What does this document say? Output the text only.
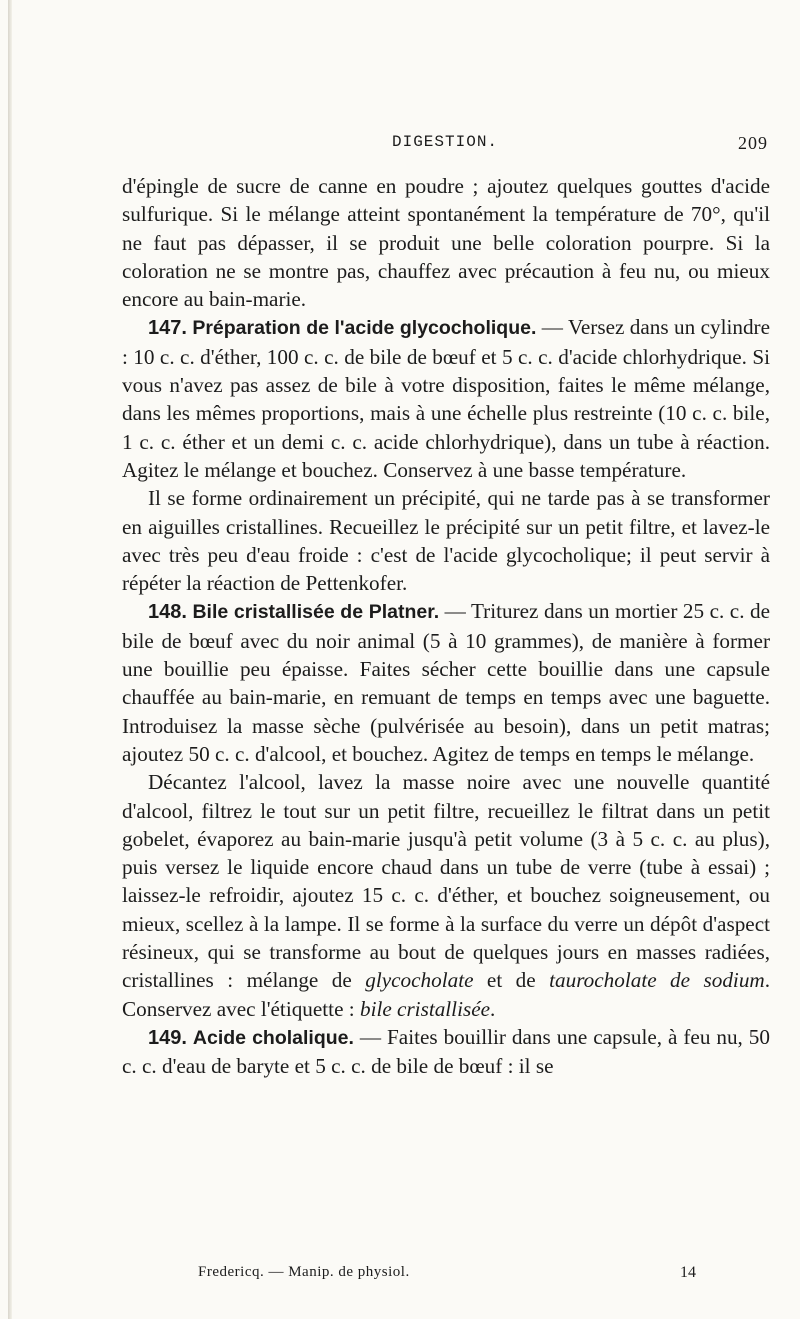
DIGESTION.	209

d'épingle de sucre de canne en poudre ; ajoutez quelques gouttes d'acide sulfurique. Si le mélange atteint spontanément la température de 70°, qu'il ne faut pas dépasser, il se produit une belle coloration pourpre. Si la coloration ne se montre pas, chauffez avec précaution à feu nu, ou mieux encore au bain-marie.

147. Préparation de l'acide glycocholique. — Versez dans un cylindre : 10 c. c. d'éther, 100 c. c. de bile de bœuf et 5 c. c. d'acide chlorhydrique. Si vous n'avez pas assez de bile à votre disposition, faites le même mélange, dans les mêmes proportions, mais à une échelle plus restreinte (10 c. c. bile, 1 c. c. éther et un demi c. c. acide chlorhydrique), dans un tube à réaction. Agitez le mélange et bouchez. Conservez à une basse température.

Il se forme ordinairement un précipité, qui ne tarde pas à se transformer en aiguilles cristallines. Recueillez le précipité sur un petit filtre, et lavez-le avec très peu d'eau froide : c'est de l'acide glycocholique; il peut servir à répéter la réaction de Pettenkofer.

148. Bile cristallisée de Platner. — Triturez dans un mortier 25 c. c. de bile de bœuf avec du noir animal (5 à 10 grammes), de manière à former une bouillie peu épaisse. Faites sécher cette bouillie dans une capsule chauffée au bain-marie, en remuant de temps en temps avec une baguette. Introduisez la masse sèche (pulvérisée au besoin), dans un petit matras; ajoutez 50 c. c. d'alcool, et bouchez. Agitez de temps en temps le mélange.

Décantez l'alcool, lavez la masse noire avec une nouvelle quantité d'alcool, filtrez le tout sur un petit filtre, recueillez le filtrat dans un petit gobelet, évaporez au bain-marie jusqu'à petit volume (3 à 5 c. c. au plus), puis versez le liquide encore chaud dans un tube de verre (tube à essai) ; laissez-le refroidir, ajoutez 15 c. c. d'éther, et bouchez soigneusement, ou mieux, scellez à la lampe. Il se forme à la surface du verre un dépôt d'aspect résineux, qui se transforme au bout de quelques jours en masses radiées, cristallines : mélange de glycocholate et de taurocholate de sodium. Conservez avec l'étiquette : bile cristallisée.

149. Acide cholalique. — Faites bouillir dans une capsule, à feu nu, 50 c. c. d'eau de baryte et 5 c. c. de bile de bœuf : il se

Fredericq. — Manip. de physiol.	14
